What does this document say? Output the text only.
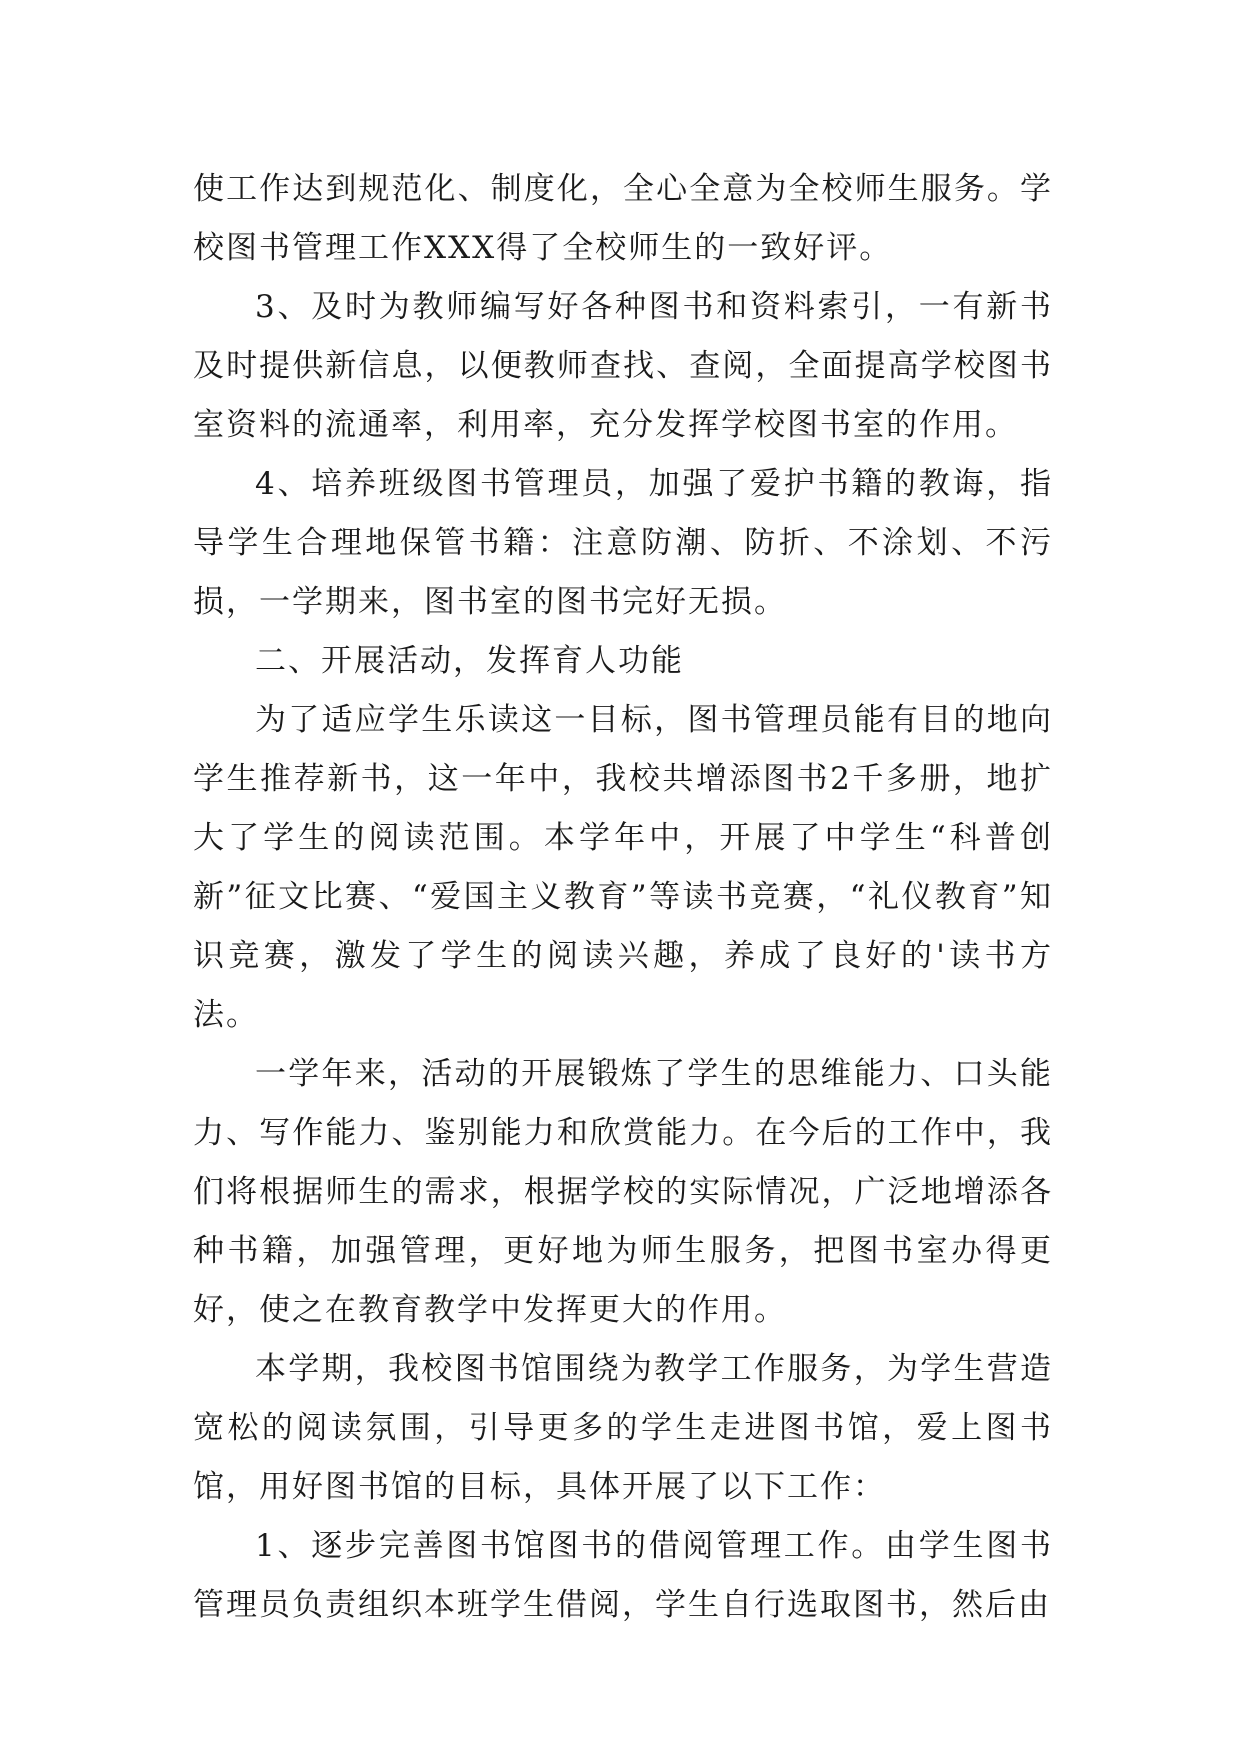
使工作达到规范化、制度化，全心全意为全校师生服务。学校图书管理工作XXX得了全校师生的一致好评。

3、及时为教师编写好各种图书和资料索引，一有新书及时提供新信息，以便教师查找、查阅，全面提高学校图书室资料的流通率，利用率，充分发挥学校图书室的作用。

4、培养班级图书管理员，加强了爱护书籍的教诲，指导学生合理地保管书籍：注意防潮、防折、不涂划、不污损，一学期来，图书室的图书完好无损。

二、开展活动，发挥育人功能

为了适应学生乐读这一目标，图书管理员能有目的地向学生推荐新书，这一年中，我校共增添图书2千多册，地扩大了学生的阅读范围。本学年中，开展了中学生“科普创新”征文比赛、“爱国主义教育”等读书竞赛，“礼仪教育”知识竞赛，激发了学生的阅读兴趣，养成了良好的'读书方法。

一学年来，活动的开展锻炼了学生的思维能力、口头能力、写作能力、鉴别能力和欣赏能力。在今后的工作中，我们将根据师生的需求，根据学校的实际情况，广泛地增添各种书籍，加强管理，更好地为师生服务，把图书室办得更好，使之在教育教学中发挥更大的作用。

本学期，我校图书馆围绕为教学工作服务，为学生营造宽松的阅读氛围，引导更多的学生走进图书馆，爱上图书馆，用好图书馆的目标，具体开展了以下工作：

1、逐步完善图书馆图书的借阅管理工作。由学生图书管理员负责组织本班学生借阅，学生自行选取图书，然后由
